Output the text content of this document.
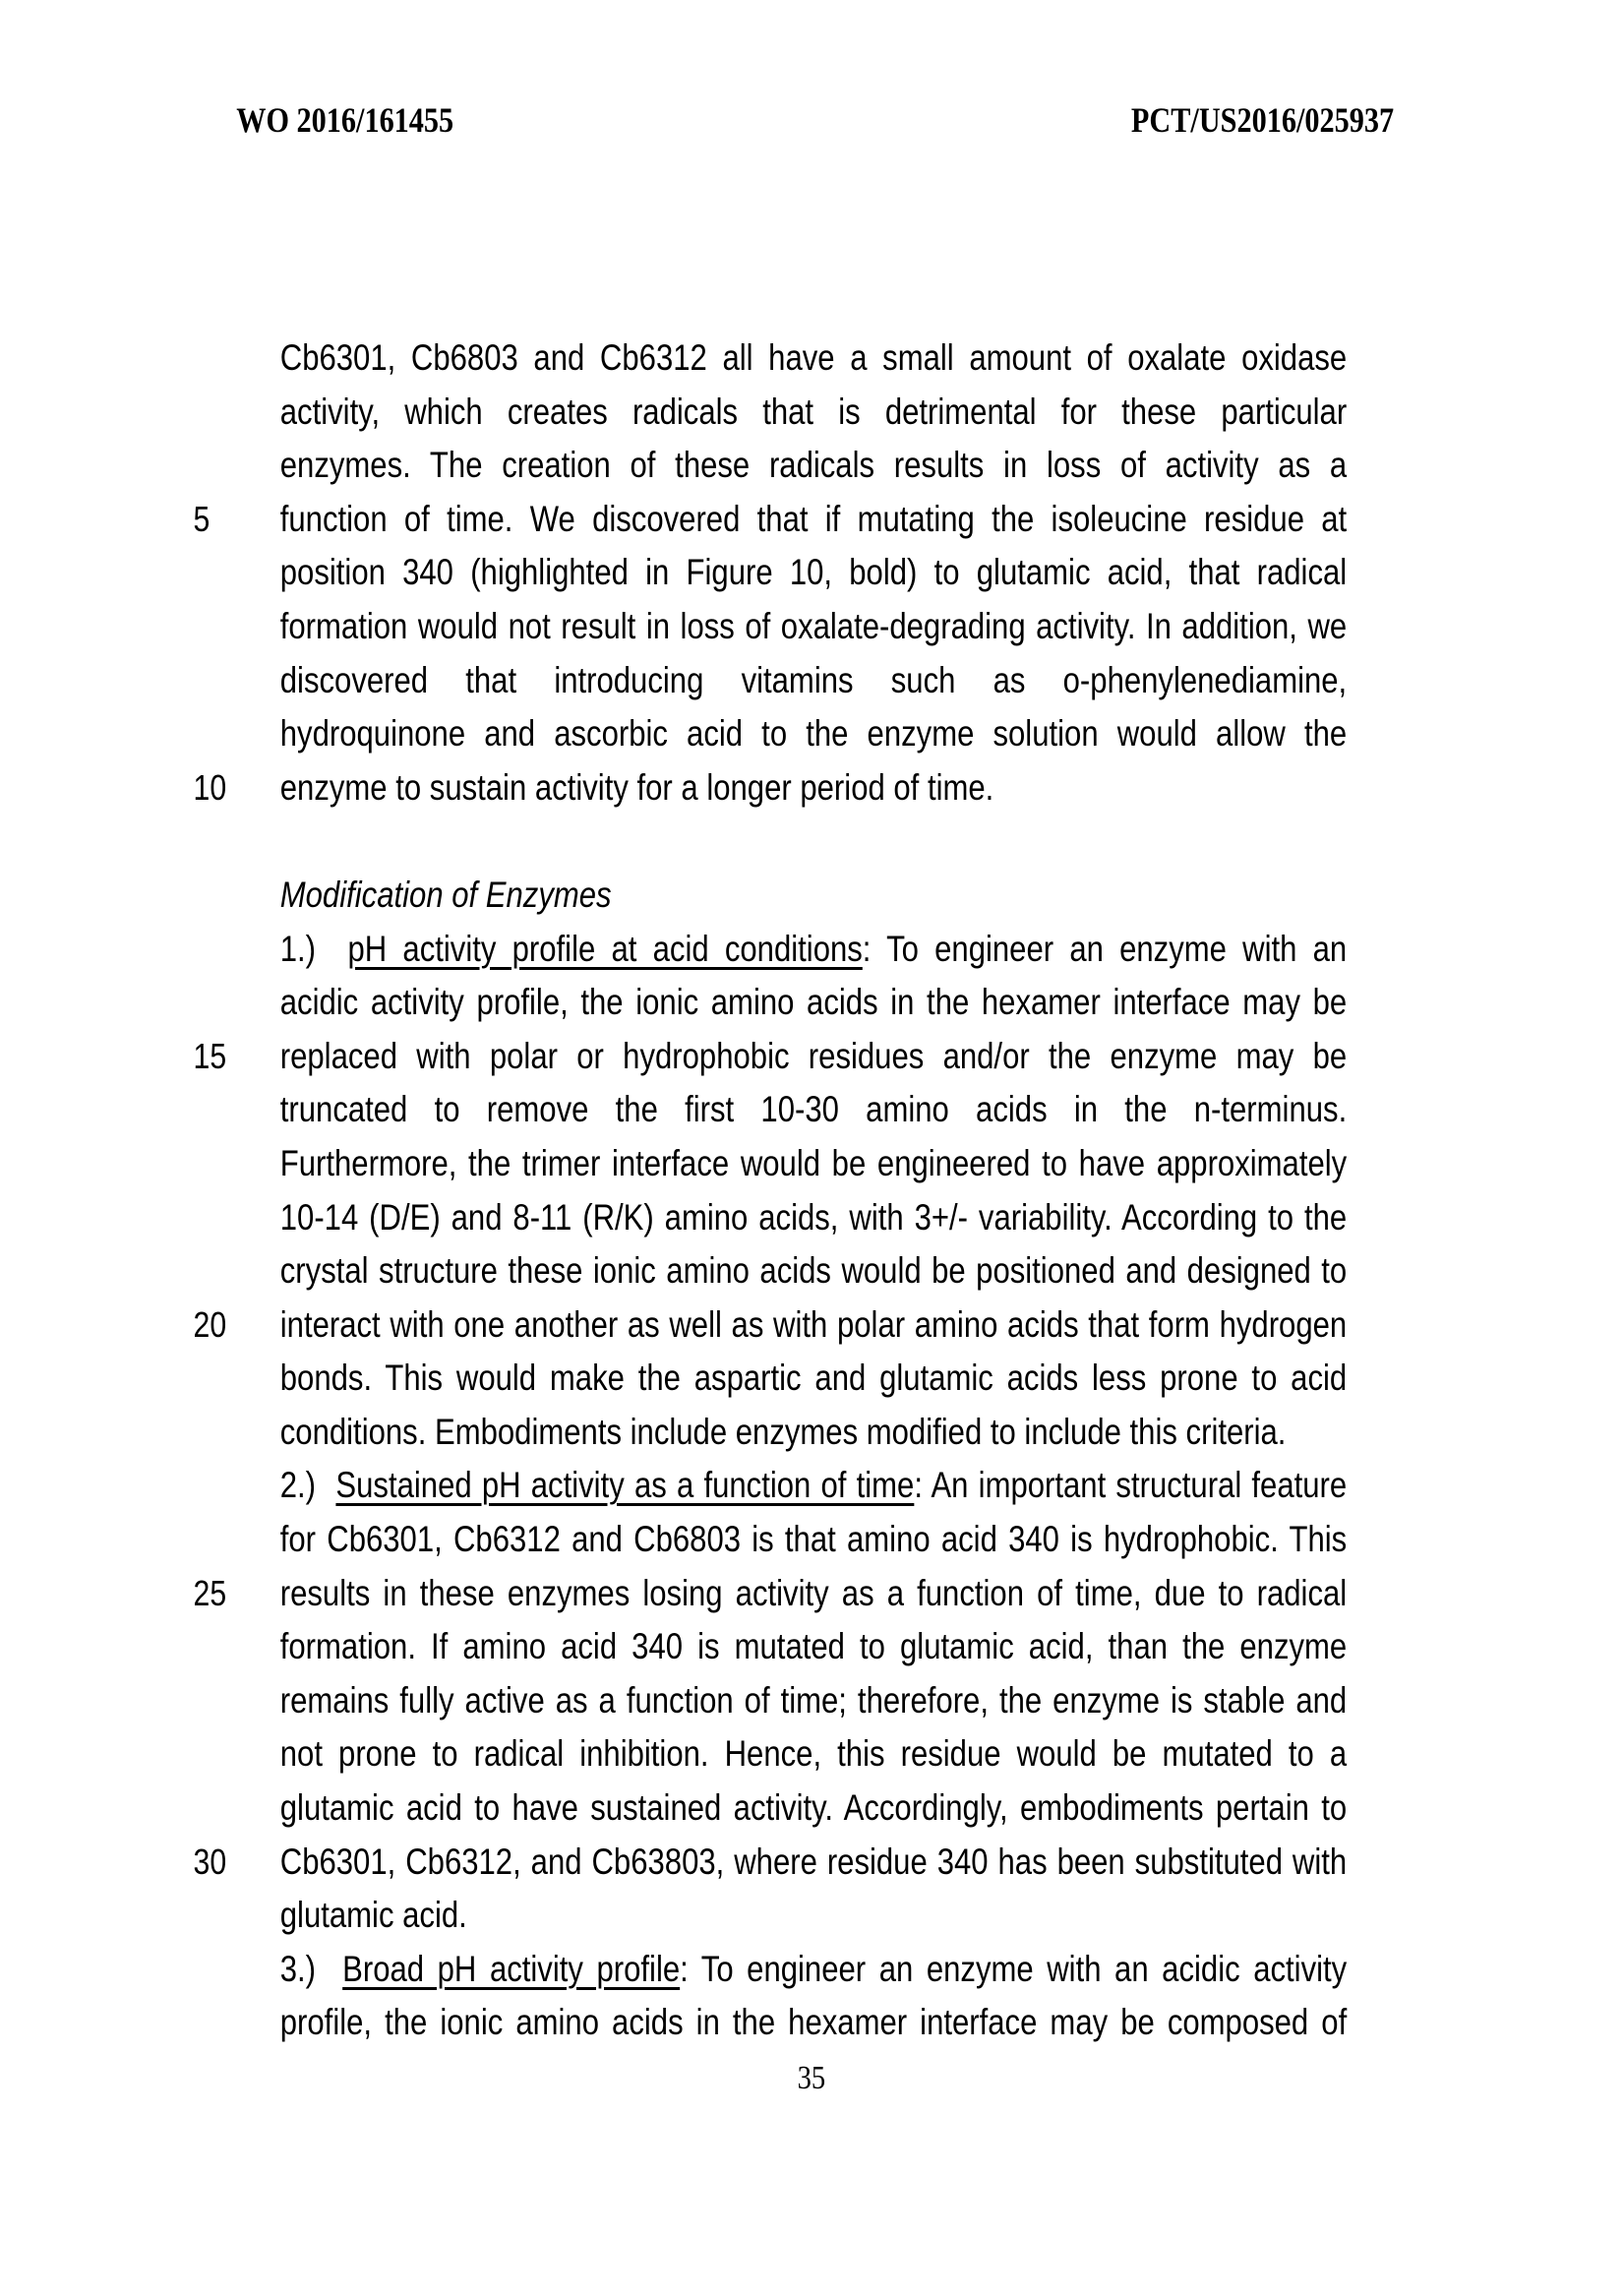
WO 2016/161455	PCT/US2016/025937
Cb6301, Cb6803 and Cb6312 all have a small amount of oxalate oxidase
activity, which creates radicals that is detrimental for these particular
enzymes. The creation of these radicals results in loss of activity as a
5	function of time. We discovered that if mutating the isoleucine residue at
position 340 (highlighted in Figure 10, bold) to glutamic acid, that radical
formation would not result in loss of oxalate-degrading activity. In addition, we
discovered that introducing vitamins such as o-phenylenediamine,
hydroquinone and ascorbic acid to the enzyme solution would allow the
10 enzyme to sustain activity for a longer period of time.
Modification of Enzymes
1.)  pH activity profile at acid conditions: To engineer an enzyme with an
acidic activity profile, the ionic amino acids in the hexamer interface may be
15 replaced with polar or hydrophobic residues and/or the enzyme may be
truncated to remove the first 10-30 amino acids in the n-terminus.
Furthermore, the trimer interface would be engineered to have approximately
10-14 (D/E) and 8-11 (R/K) amino acids, with 3+/- variability. According to the
crystal structure these ionic amino acids would be positioned and designed to
20 interact with one another as well as with polar amino acids that form hydrogen
bonds. This would make the aspartic and glutamic acids less prone to acid
conditions. Embodiments include enzymes modified to include this criteria.
2.)  Sustained pH activity as a function of time: An important structural feature
for Cb6301, Cb6312 and Cb6803 is that amino acid 340 is hydrophobic. This
25 results in these enzymes losing activity as a function of time, due to radical
formation. If amino acid 340 is mutated to glutamic acid, than the enzyme
remains fully active as a function of time; therefore, the enzyme is stable and
not prone to radical inhibition. Hence, this residue would be mutated to a
glutamic acid to have sustained activity. Accordingly, embodiments pertain to
30 Cb6301, Cb6312, and Cb63803, where residue 340 has been substituted with
glutamic acid.
3.)  Broad pH activity profile: To engineer an enzyme with an acidic activity
profile, the ionic amino acids in the hexamer interface may be composed of
35
